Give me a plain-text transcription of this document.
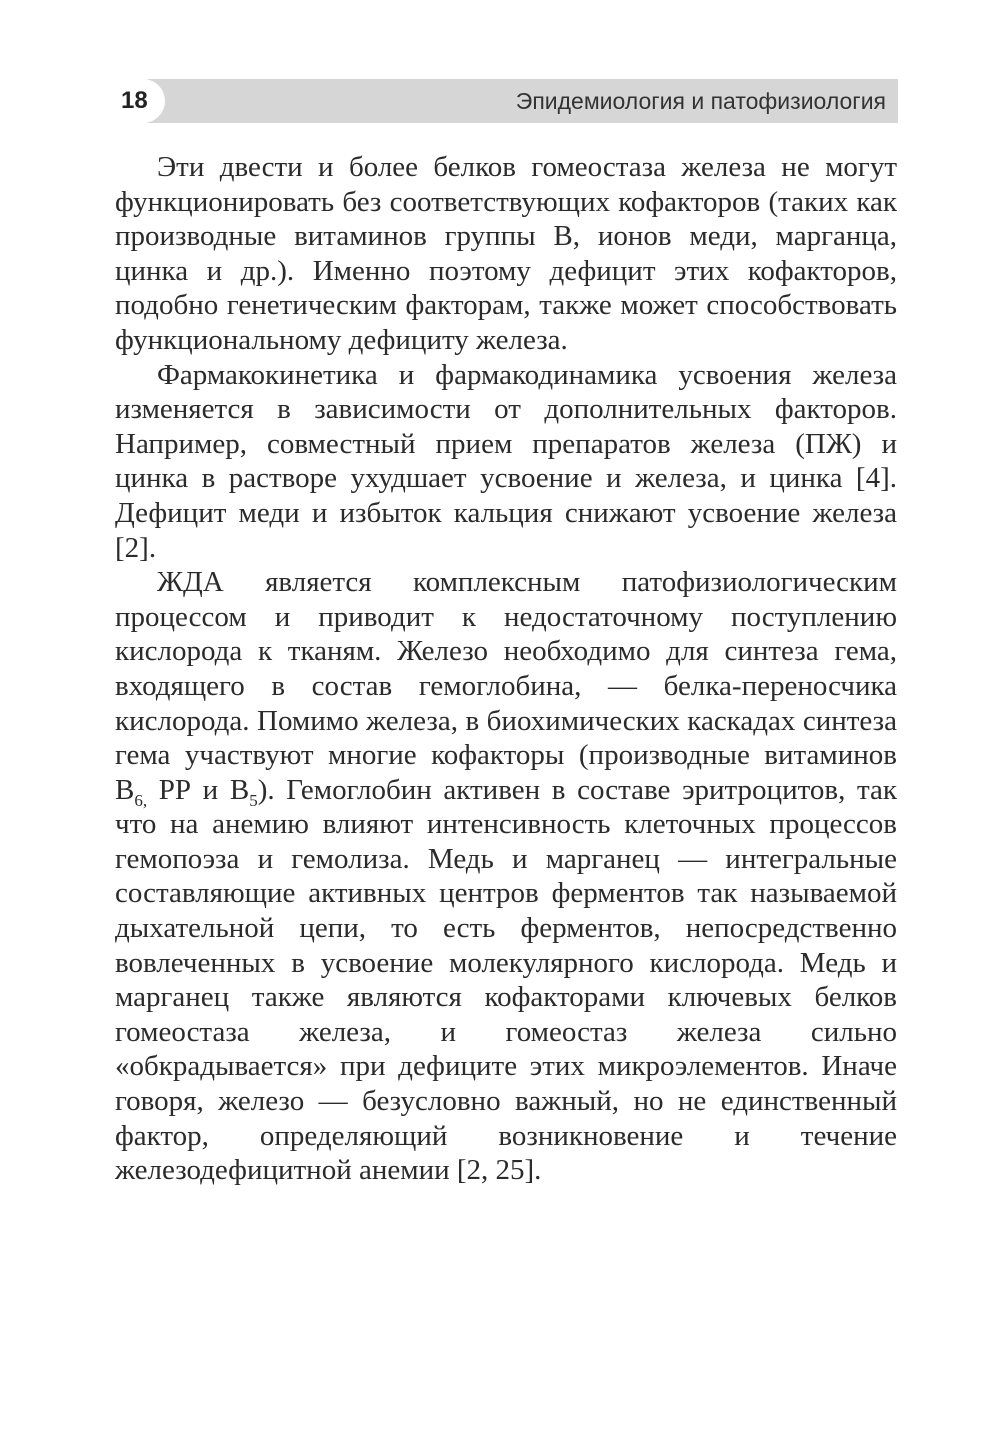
18	Эпидемиология и патофизиология

Эти двести и более белков гомеостаза железа не могут функционировать без соответствующих кофакторов (таких как производные витаминов группы В, ионов меди, марганца, цинка и др.). Именно поэтому дефицит этих кофакторов, подобно генетическим факторам, также может способствовать функциональному дефициту железа.

Фармакокинетика и фармакодинамика усвоения железа изменяется в зависимости от дополнительных факторов. Например, совместный прием препаратов железа (ПЖ) и цинка в растворе ухудшает усвоение и железа, и цинка [4]. Дефицит меди и избыток кальция снижают усвоение железа [2].

ЖДА является комплексным патофизиологическим процессом и приводит к недостаточному поступлению кислорода к тканям. Железо необходимо для синтеза гема, входящего в состав гемоглобина, — белка-переносчика кислорода. Помимо железа, в биохимических каскадах синтеза гема участвуют многие кофакторы (производные витаминов $В_{6,}$ РР и $В_5$). Гемоглобин активен в составе эритроцитов, так что на анемию влияют интенсивность клеточных процессов гемопоэза и гемолиза. Медь и марганец — интегральные составляющие активных центров ферментов так называемой дыхательной цепи, то есть ферментов, непосредственно вовлеченных в усвоение молекулярного кислорода. Медь и марганец также являются кофакторами ключевых белков гомеостаза железа, и гомеостаз железа сильно «обкрадывается» при дефиците этих микроэлементов. Иначе говоря, железо — безусловно важный, но не единственный фактор, определяющий возникновение и течение железодефицитной анемии [2, 25].
